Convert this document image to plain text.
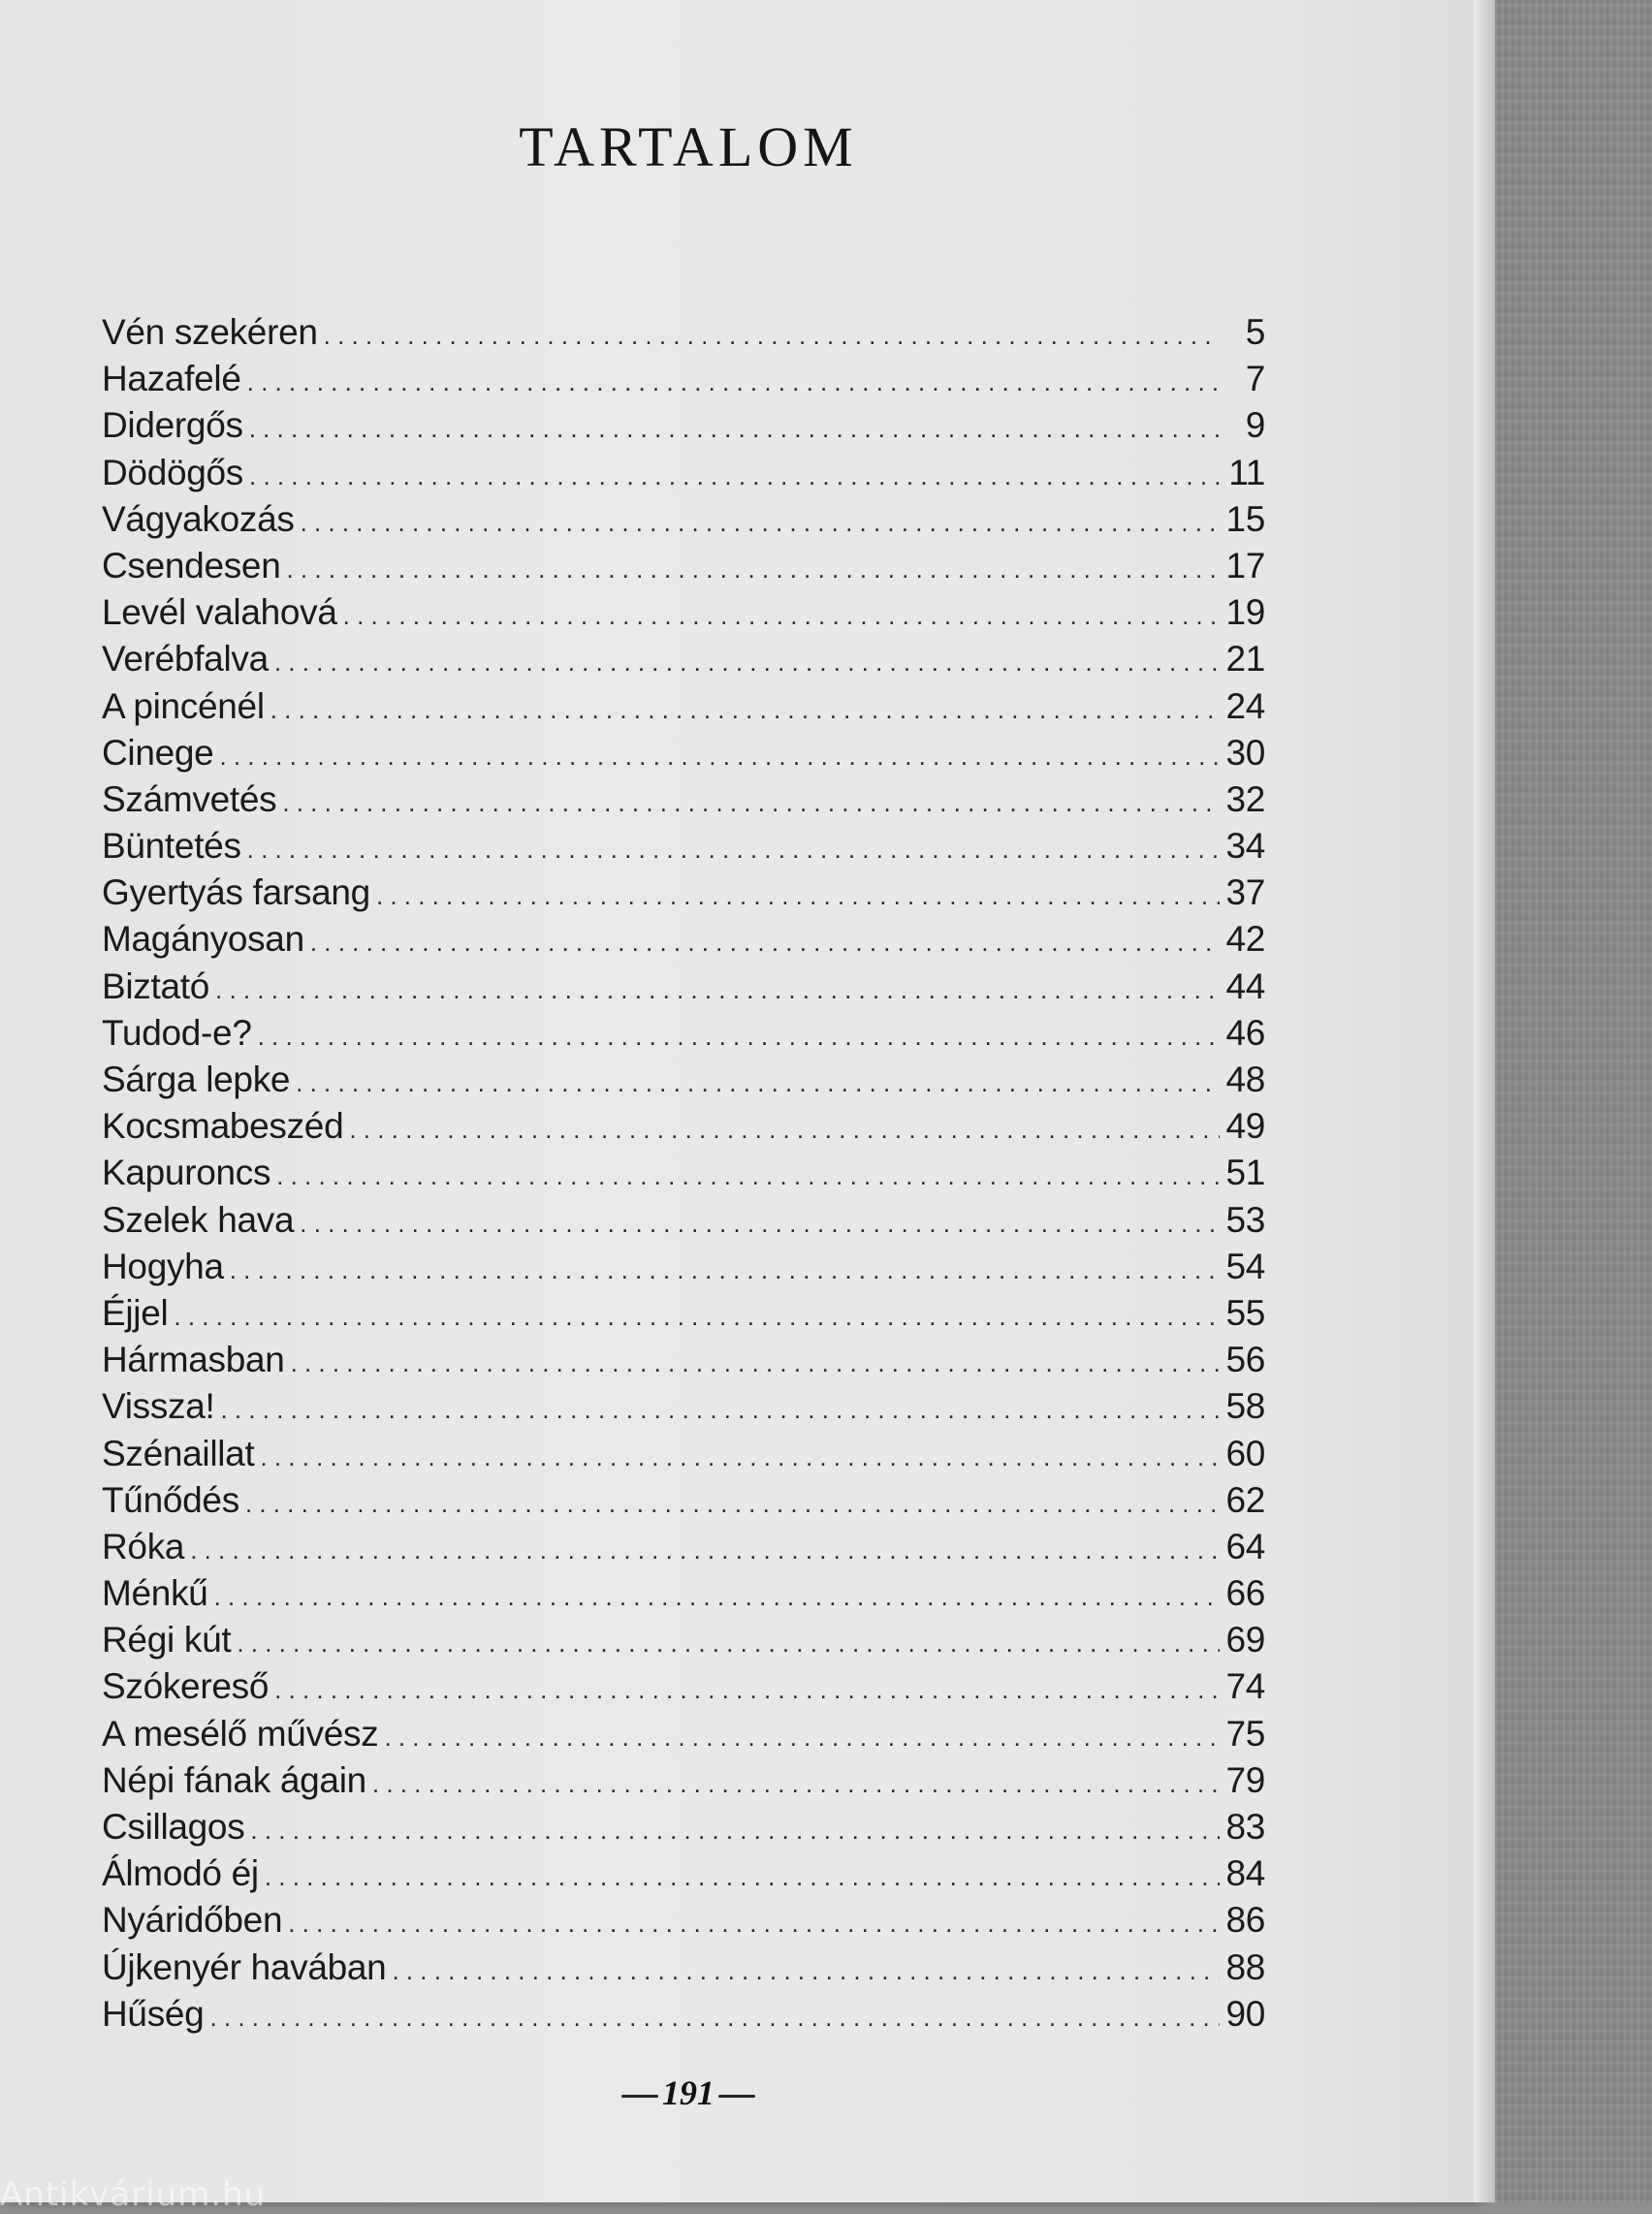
TARTALOM
Vén szekéren .....	5
Hazafelé .....	7
Didergős .....	9
Dödögős .....	11
Vágyakozás .....	15
Csendesen .....	17
Levél valahová .....	19
Verébfalva .....	21
A pincénél .....	24
Cinege .....	30
Számvetés .....	32
Büntetés .....	34
Gyertyás farsang .....	37
Magányosan .....	42
Biztató .....	44
Tudod-e? .....	46
Sárga lepke .....	48
Kocsmabeszéd .....	49
Kapuroncs .....	51
Szelek hava .....	53
Hogyha .....	54
Éjjel .....	55
Hármasban .....	56
Vissza! .....	58
Szénaillat .....	60
Tűnődés .....	62
Róka .....	64
Ménkű .....	66
Régi kút .....	69
Szókereső .....	74
A mesélő művész .....	75
Népi fának ágain .....	79
Csillagos .....	83
Álmodó éj .....	84
Nyáridőben .....	86
Újkenyér havában .....	88
Hűség .....	90
191
Antikvárium.hu
